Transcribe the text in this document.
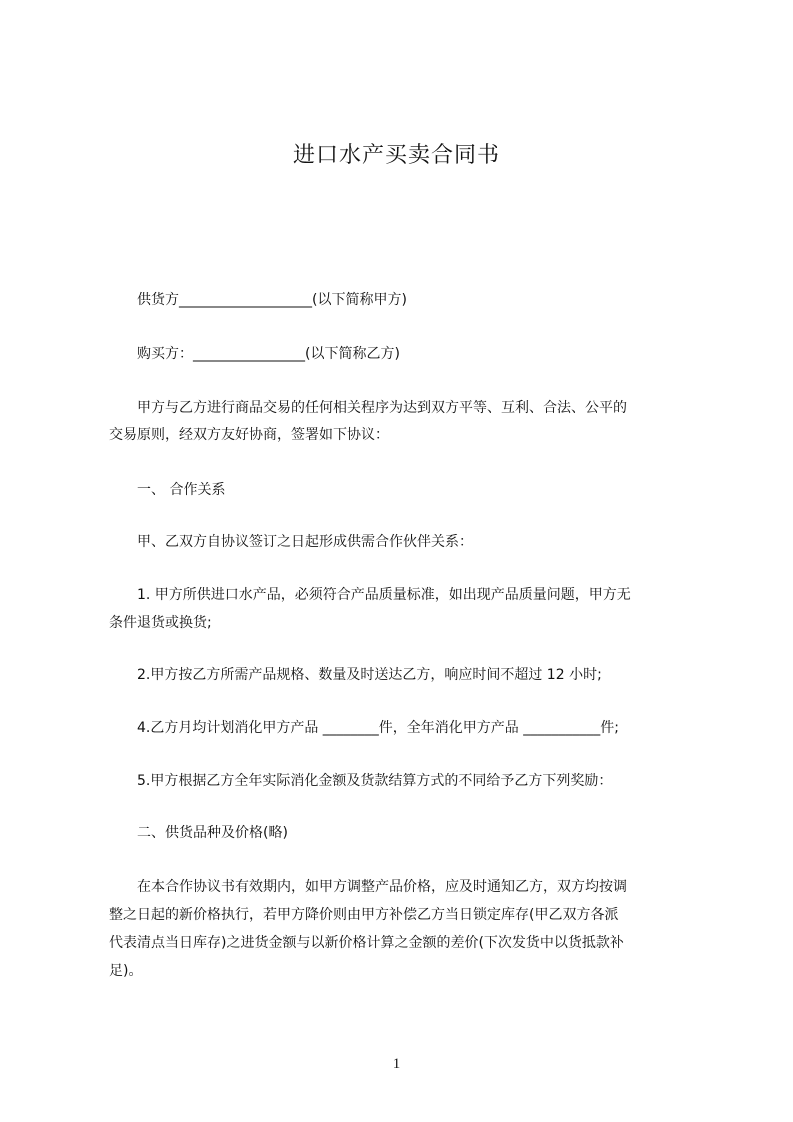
进口水产买卖合同书
供货方___________________(以下简称甲方)
购买方：________________(以下简称乙方)
甲方与乙方进行商品交易的任何相关程序为达到双方平等、互利、合法、公平的
交易原则，经双方友好协商，签署如下协议：
一、 合作关系
甲、乙双方自协议签订之日起形成供需合作伙伴关系：
1. 甲方所供进口水产品，必须符合产品质量标准，如出现产品质量问题，甲方无
条件退货或换货;
2.甲方按乙方所需产品规格、数量及时送达乙方，响应时间不超过 12 小时;
4.乙方月均计划消化甲方产品 ________件，全年消化甲方产品 ___________件;
5.甲方根据乙方全年实际消化金额及货款结算方式的不同给予乙方下列奖励：
二、供货品种及价格(略)
在本合作协议书有效期内，如甲方调整产品价格，应及时通知乙方，双方均按调
整之日起的新价格执行，若甲方降价则由甲方补偿乙方当日锁定库存(甲乙双方各派
代表清点当日库存)之进货金额与以新价格计算之金额的差价(下次发货中以货抵款补
足)。
1
